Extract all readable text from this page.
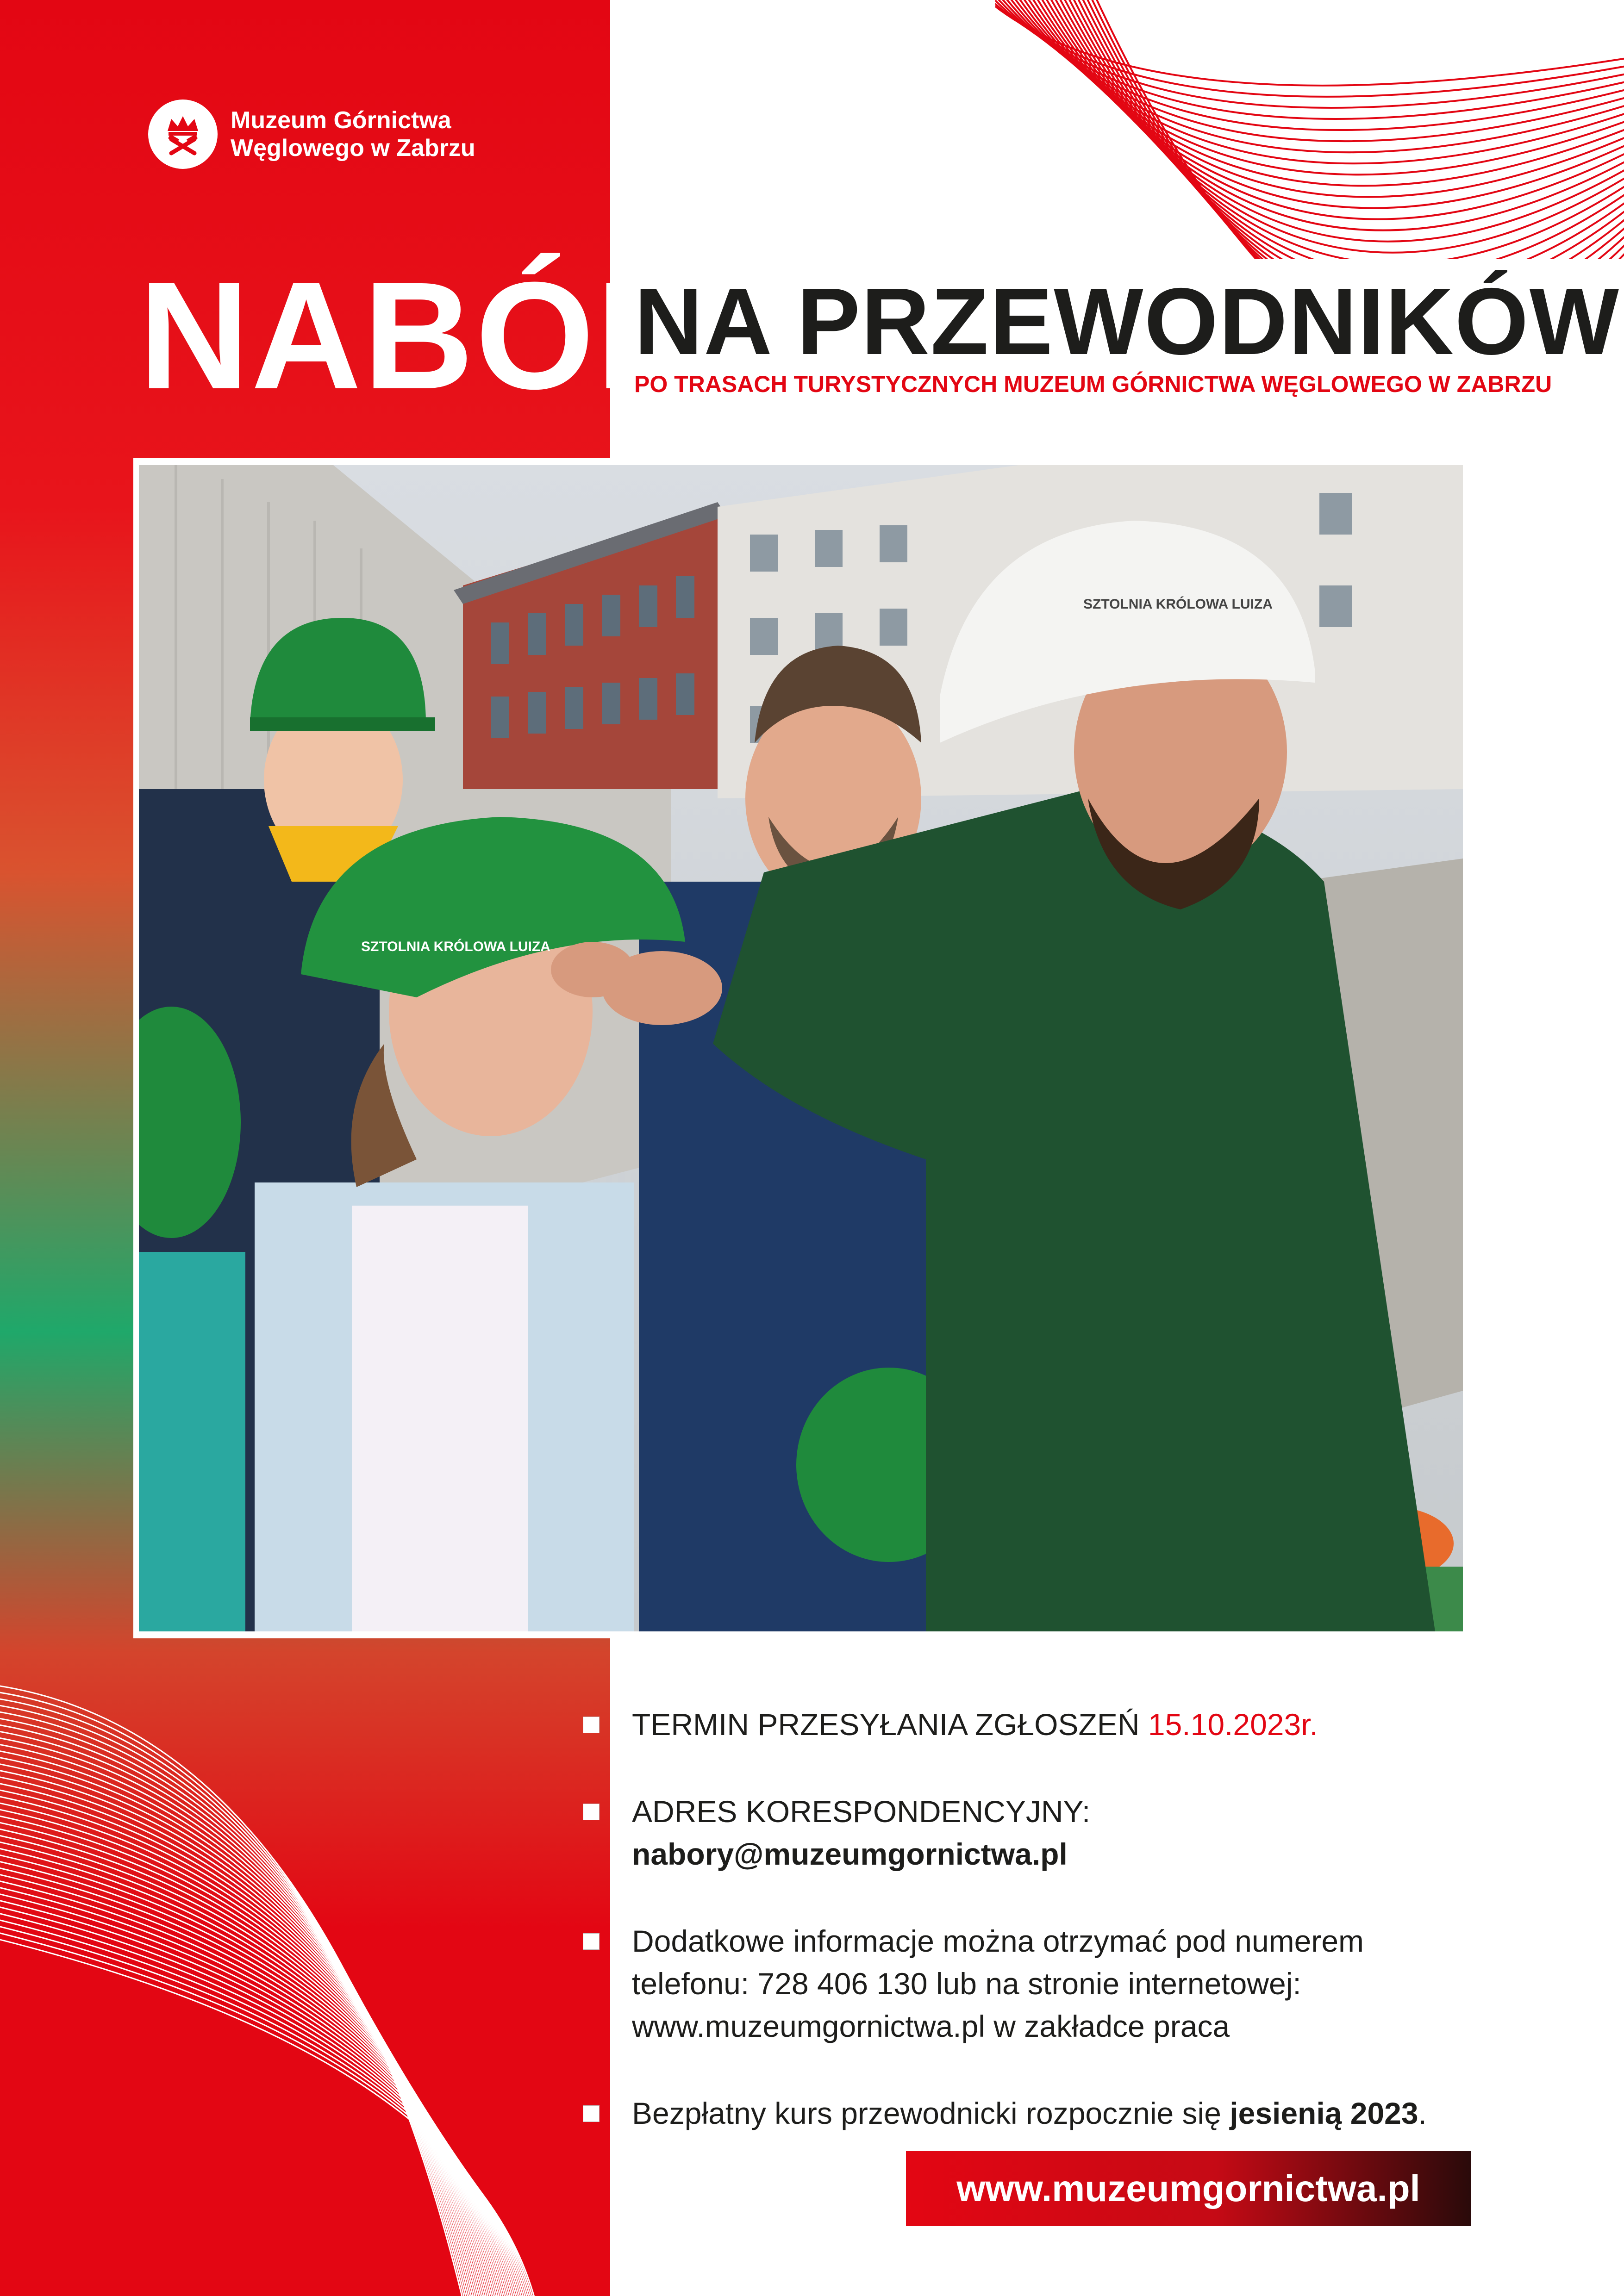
Muzeum Górnictwa
Węglowego w Zabrzu
NABÓR
NA PRZEWODNIKÓW
PO TRASACH TURYSTYCZNYCH MUZEUM GÓRNICTWA WĘGLOWEGO W ZABRZU
SZTOLNIA KRÓLOWA LUIZA
SZTOLNIA KRÓLOWA LUIZA
TERMIN PRZESYŁANIA ZGŁOSZEŃ 15.10.2023r.
ADRES KORESPONDENCYJNY: nabory@muzeumgornictwa.pl
Dodatkowe informacje można otrzymać pod numerem
telefonu: 728 406 130 lub na stronie internetowej:
www.muzeumgornictwa.pl w zakładce praca
Bezpłatny kurs przewodnicki rozpocznie się jesienią 2023.
www.muzeumgornictwa.pl
